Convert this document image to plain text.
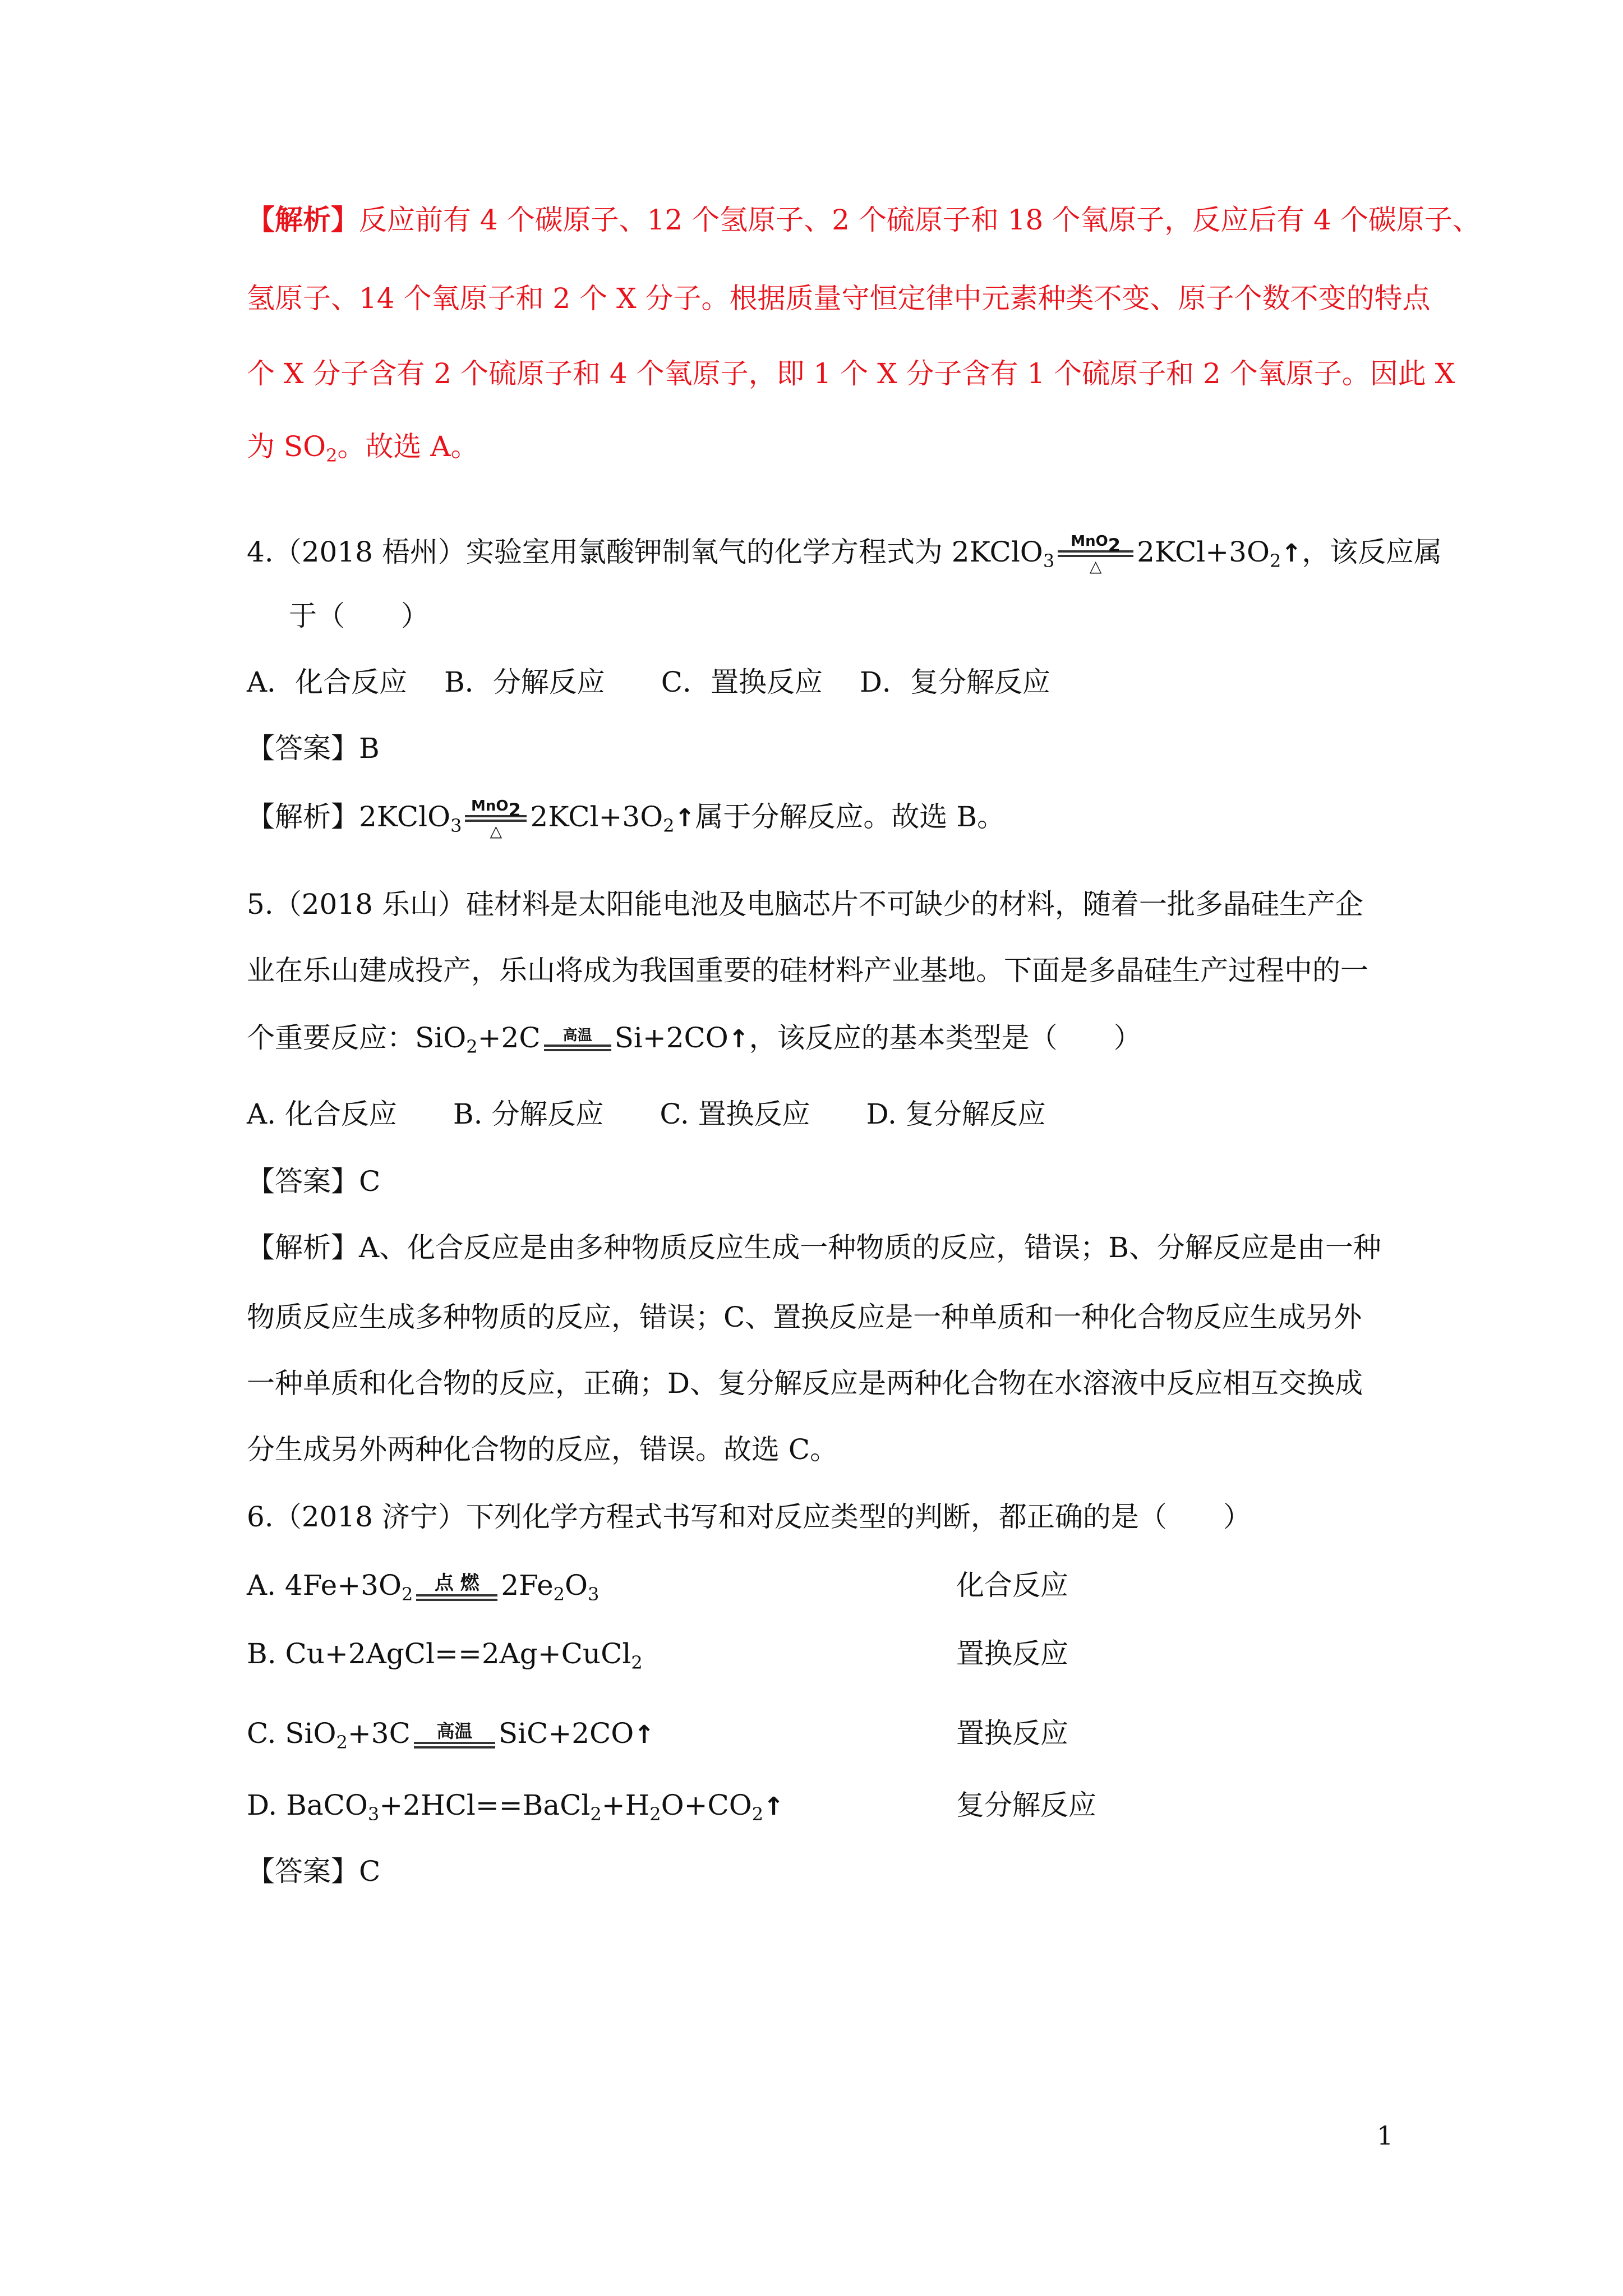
【解析】反应前有 4 个碳原子、12 个氢原子、2 个硫原子和 18 个氧原子，反应后有 4 个碳原子、
氢原子、14 个氧原子和 2 个 X 分子。根据质量守恒定律中元素种类不变、原子个数不变的特点
个 X 分子含有 2 个硫原子和 4 个氧原子，即 1 个 X 分子含有 1 个硫原子和 2 个氧原子。因此 X
为 $SO_2$。故选 A。
4.（2018 梧州）实验室用氯酸钾制氧气的化学方程式为 2KClO$_3$
MnO$_2$
△	$2KCl+3O_2↑$，该反应属
于（　　）
A．化合反应　 B．分解反应　　C．置换反应　 D．复分解反应
【答案】B
【解析】2KClO$_3$
MnO$_2$
△	$2KCl+3O_2↑$属于分解反应。故选 B。
5.（2018 乐山）硅材料是太阳能电池及电脑芯片不可缺少的材料，随着一批多晶硅生产企
业在乐山建成投产，乐山将成为我国重要的硅材料产业基地。下面是多晶硅生产过程中的一
个重要反应：SiO$_2$+2C	高温 Si+2CO↑，该反应的基本类型是（　　）
A. 化合反应　　B. 分解反应　　C. 置换反应　　D. 复分解反应
【答案】C
【解析】A、化合反应是由多种物质反应生成一种物质的反应，错误；B、分解反应是由一种
物质反应生成多种物质的反应，错误；C、置换反应是一种单质和一种化合物反应生成另外
一种单质和化合物的反应，正确；D、复分解反应是两种化合物在水溶液中反应相互交换成
分生成另外两种化合物的反应，错误。故选 C。
6.（2018 济宁）下列化学方程式书写和对反应类型的判断，都正确的是（　　）
A. $4Fe+3O_2$	点 燃 $2Fe_2O_3$	化合反应
B. Cu+2AgCl==2Ag+CuCl$_2$	置换反应
C. SiO$_2$+3C	高温 SiC+2CO↑	置换反应
D. $BaCO_3+2HCl==BaCl_2+H_2O+CO_2↑$	复分解反应
【答案】C
1
